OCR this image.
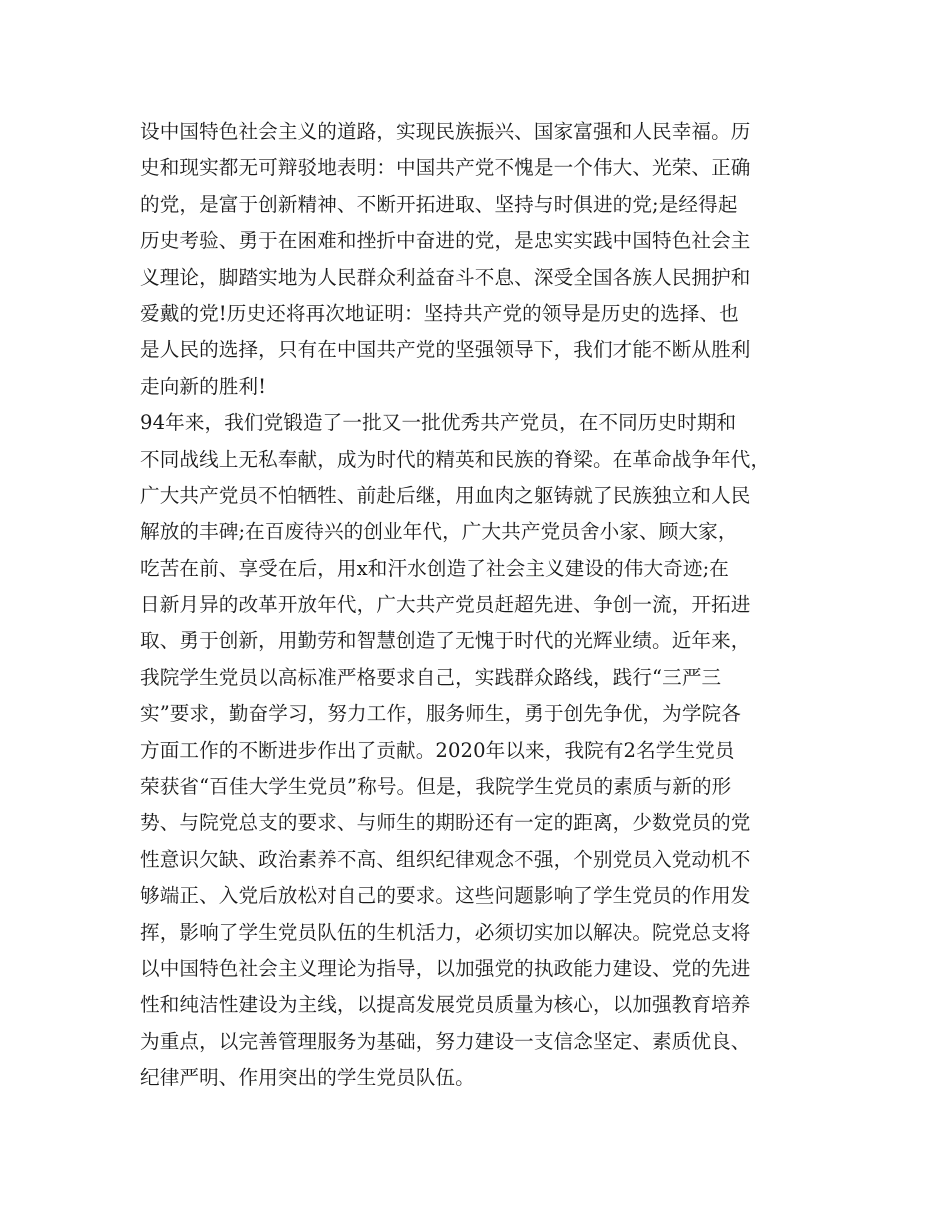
设中国特色社会主义的道路，实现民族振兴、国家富强和人民幸福。历
史和现实都无可辩驳地表明：中国共产党不愧是一个伟大、光荣、正确
的党，是富于创新精神、不断开拓进取、坚持与时俱进的党;是经得起
历史考验、勇于在困难和挫折中奋进的党，是忠实实践中国特色社会主
义理论，脚踏实地为人民群众利益奋斗不息、深受全国各族人民拥护和
爱戴的党!历史还将再次地证明：坚持共产党的领导是历史的选择、也
是人民的选择，只有在中国共产党的坚强领导下，我们才能不断从胜利
走向新的胜利!
94年来，我们党锻造了一批又一批优秀共产党员，在不同历史时期和
不同战线上无私奉献，成为时代的精英和民族的脊梁。在革命战争年代，
广大共产党员不怕牺牲、前赴后继，用血肉之躯铸就了民族独立和人民
解放的丰碑;在百废待兴的创业年代，广大共产党员舍小家、顾大家，
吃苦在前、享受在后，用x和汗水创造了社会主义建设的伟大奇迹;在
日新月异的改革开放年代，广大共产党员赶超先进、争创一流，开拓进
取、勇于创新，用勤劳和智慧创造了无愧于时代的光辉业绩。近年来，
我院学生党员以高标准严格要求自己，实践群众路线，践行“三严三
实”要求，勤奋学习，努力工作，服务师生，勇于创先争优，为学院各
方面工作的不断进步作出了贡献。2020年以来，我院有2名学生党员
荣获省“百佳大学生党员”称号。但是，我院学生党员的素质与新的形
势、与院党总支的要求、与师生的期盼还有一定的距离，少数党员的党
性意识欠缺、政治素养不高、组织纪律观念不强，个别党员入党动机不
够端正、入党后放松对自己的要求。这些问题影响了学生党员的作用发
挥，影响了学生党员队伍的生机活力，必须切实加以解决。院党总支将
以中国特色社会主义理论为指导，以加强党的执政能力建设、党的先进
性和纯洁性建设为主线，以提高发展党员质量为核心，以加强教育培养
为重点，以完善管理服务为基础，努力建设一支信念坚定、素质优良、
纪律严明、作用突出的学生党员队伍。
